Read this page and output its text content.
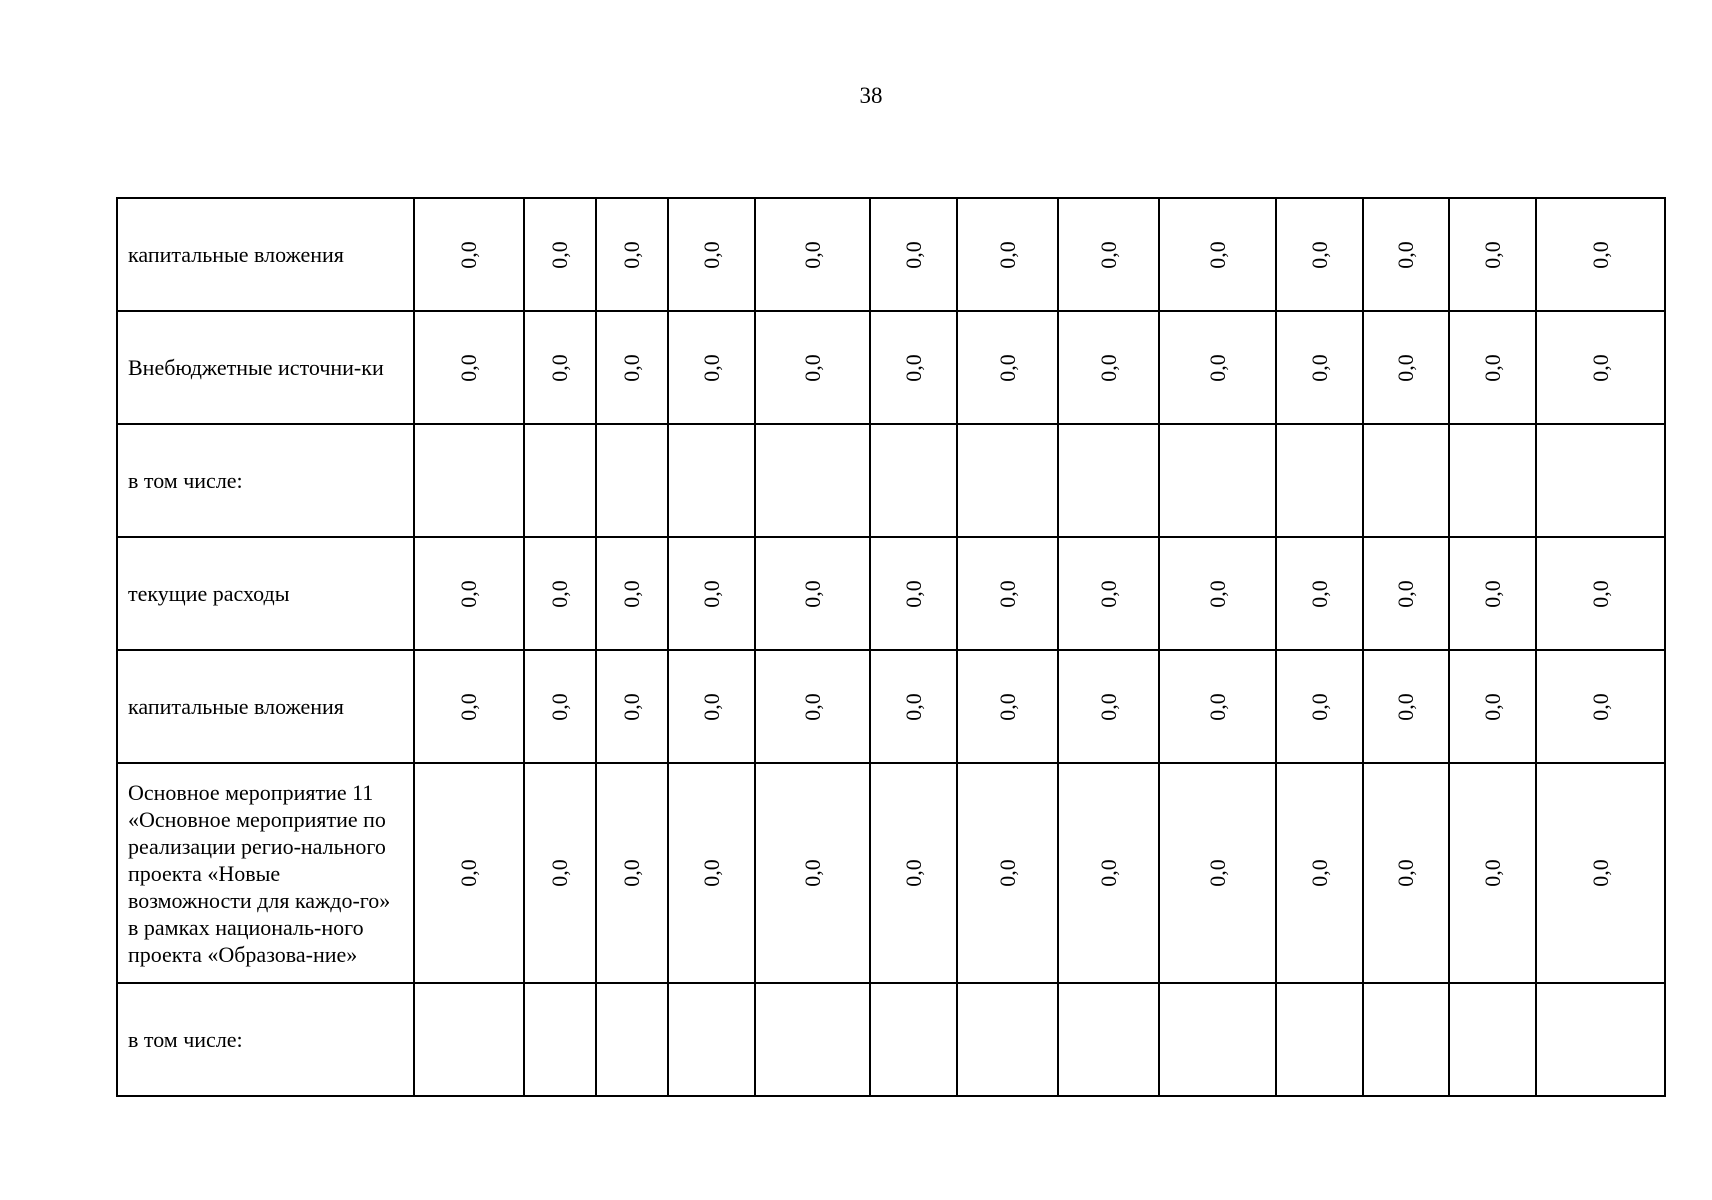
38
капитальные вложения	0,0	0,0	0,0	0,0	0,0	0,0	0,0	0,0	0,0	0,0	0,0	0,0	0,0

Внебюджетные источни-ки	0,0	0,0	0,0	0,0	0,0	0,0	0,0	0,0	0,0	0,0	0,0	0,0	0,0

в том числе:	

текущие расходы	0,0	0,0	0,0	0,0	0,0	0,0	0,0	0,0	0,0	0,0	0,0	0,0	0,0

капитальные вложения	0,0	0,0	0,0	0,0	0,0	0,0	0,0	0,0	0,0	0,0	0,0	0,0	0,0

Основное мероприятие 11 «Основное мероприятие по реализации регио-нального проекта «Новые возможности для каждо-го» в рамках националь-ного проекта «Образова-ние»	0,0	0,0	0,0	0,0	0,0	0,0	0,0	0,0	0,0	0,0	0,0	0,0	0,0

в том числе:	
